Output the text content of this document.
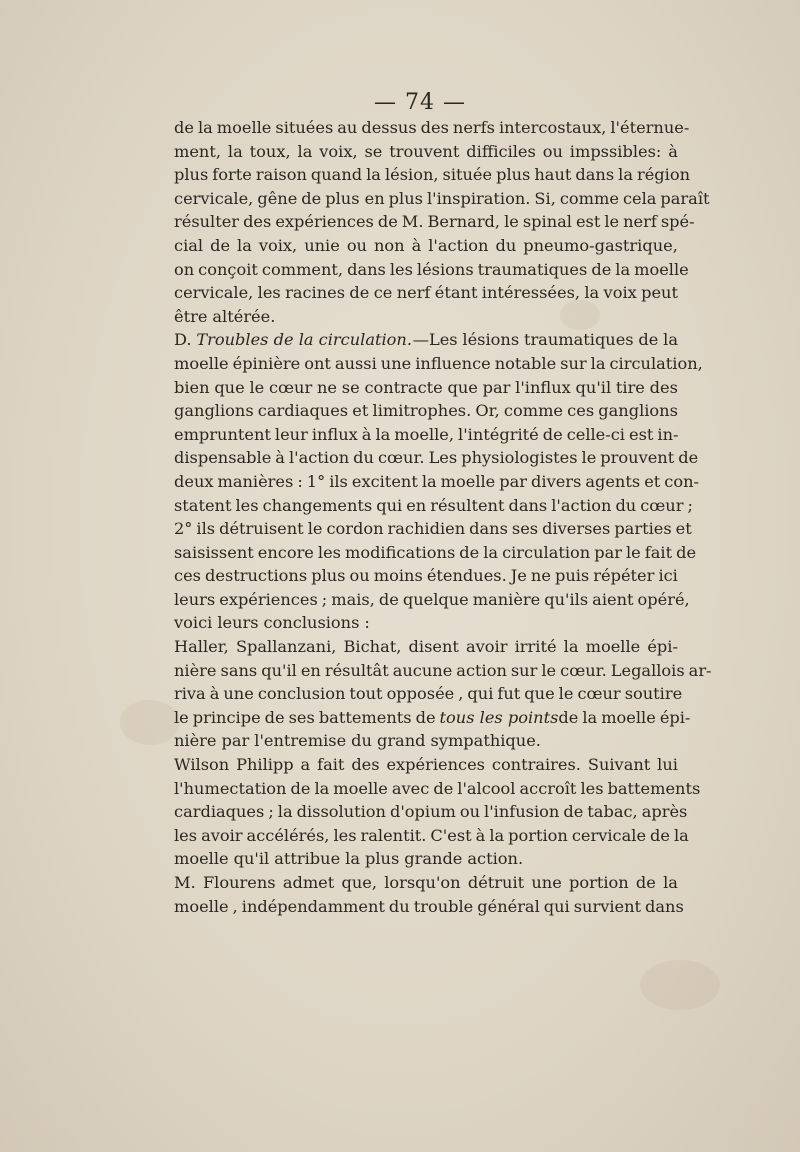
— 74 —
de la moelle situées au dessus des nerfs intercostaux, l'éternue-
ment, la toux, la voix, se trouvent difficiles ou impssibles: à
plus forte raison quand la lésion, située plus haut dans la région
cervicale, gêne de plus en plus l'inspiration. Si, comme cela paraît
résulter des expériences de M. Bernard, le spinal est le nerf spé-
cial de la voix, unie ou non à l'action du pneumo-gastrique,
on conçoit comment, dans les lésions traumatiques de la moelle
cervicale, les racines de ce nerf étant intéressées, la voix peut
être altérée.
D. Troubles de la circulation. —Les lésions traumatiques de la
moelle épinière ont aussi une influence notable sur la circulation,
bien que le cœur ne se contracte que par l'influx qu'il tire des
ganglions cardiaques et limitrophes. Or, comme ces ganglions
empruntent leur influx à la moelle, l'intégrité de celle-ci est in-
dispensable à l'action du cœur. Les physiologistes le prouvent de
deux manières : 1° ils excitent la moelle par divers agents et con-
statent les changements qui en résultent dans l'action du cœur ;
2° ils détruisent le cordon rachidien dans ses diverses parties et
saisissent encore les modifications de la circulation par le fait de
ces destructions plus ou moins étendues. Je ne puis répéter ici
leurs expériences ; mais, de quelque manière qu'ils aient opéré,
voici leurs conclusions :
Haller, Spallanzani, Bichat, disent avoir irrité la moelle épi-
nière sans qu'il en résultât aucune action sur le cœur. Legallois ar-
riva à une conclusion tout opposée , qui fut que le cœur soutire
le principe de ses battements de tous les points de la moelle épi-
nière par l'entremise du grand sympathique.
Wilson Philipp a fait des expériences contraires. Suivant lui
l'humectation de la moelle avec de l'alcool accroît les battements
cardiaques ; la dissolution d'opium ou l'infusion de tabac, après
les avoir accélérés, les ralentit. C'est à la portion cervicale de la
moelle qu'il attribue la plus grande action.
M. Flourens admet que, lorsqu'on détruit une portion de la
moelle , indépendamment du trouble général qui survient dans
